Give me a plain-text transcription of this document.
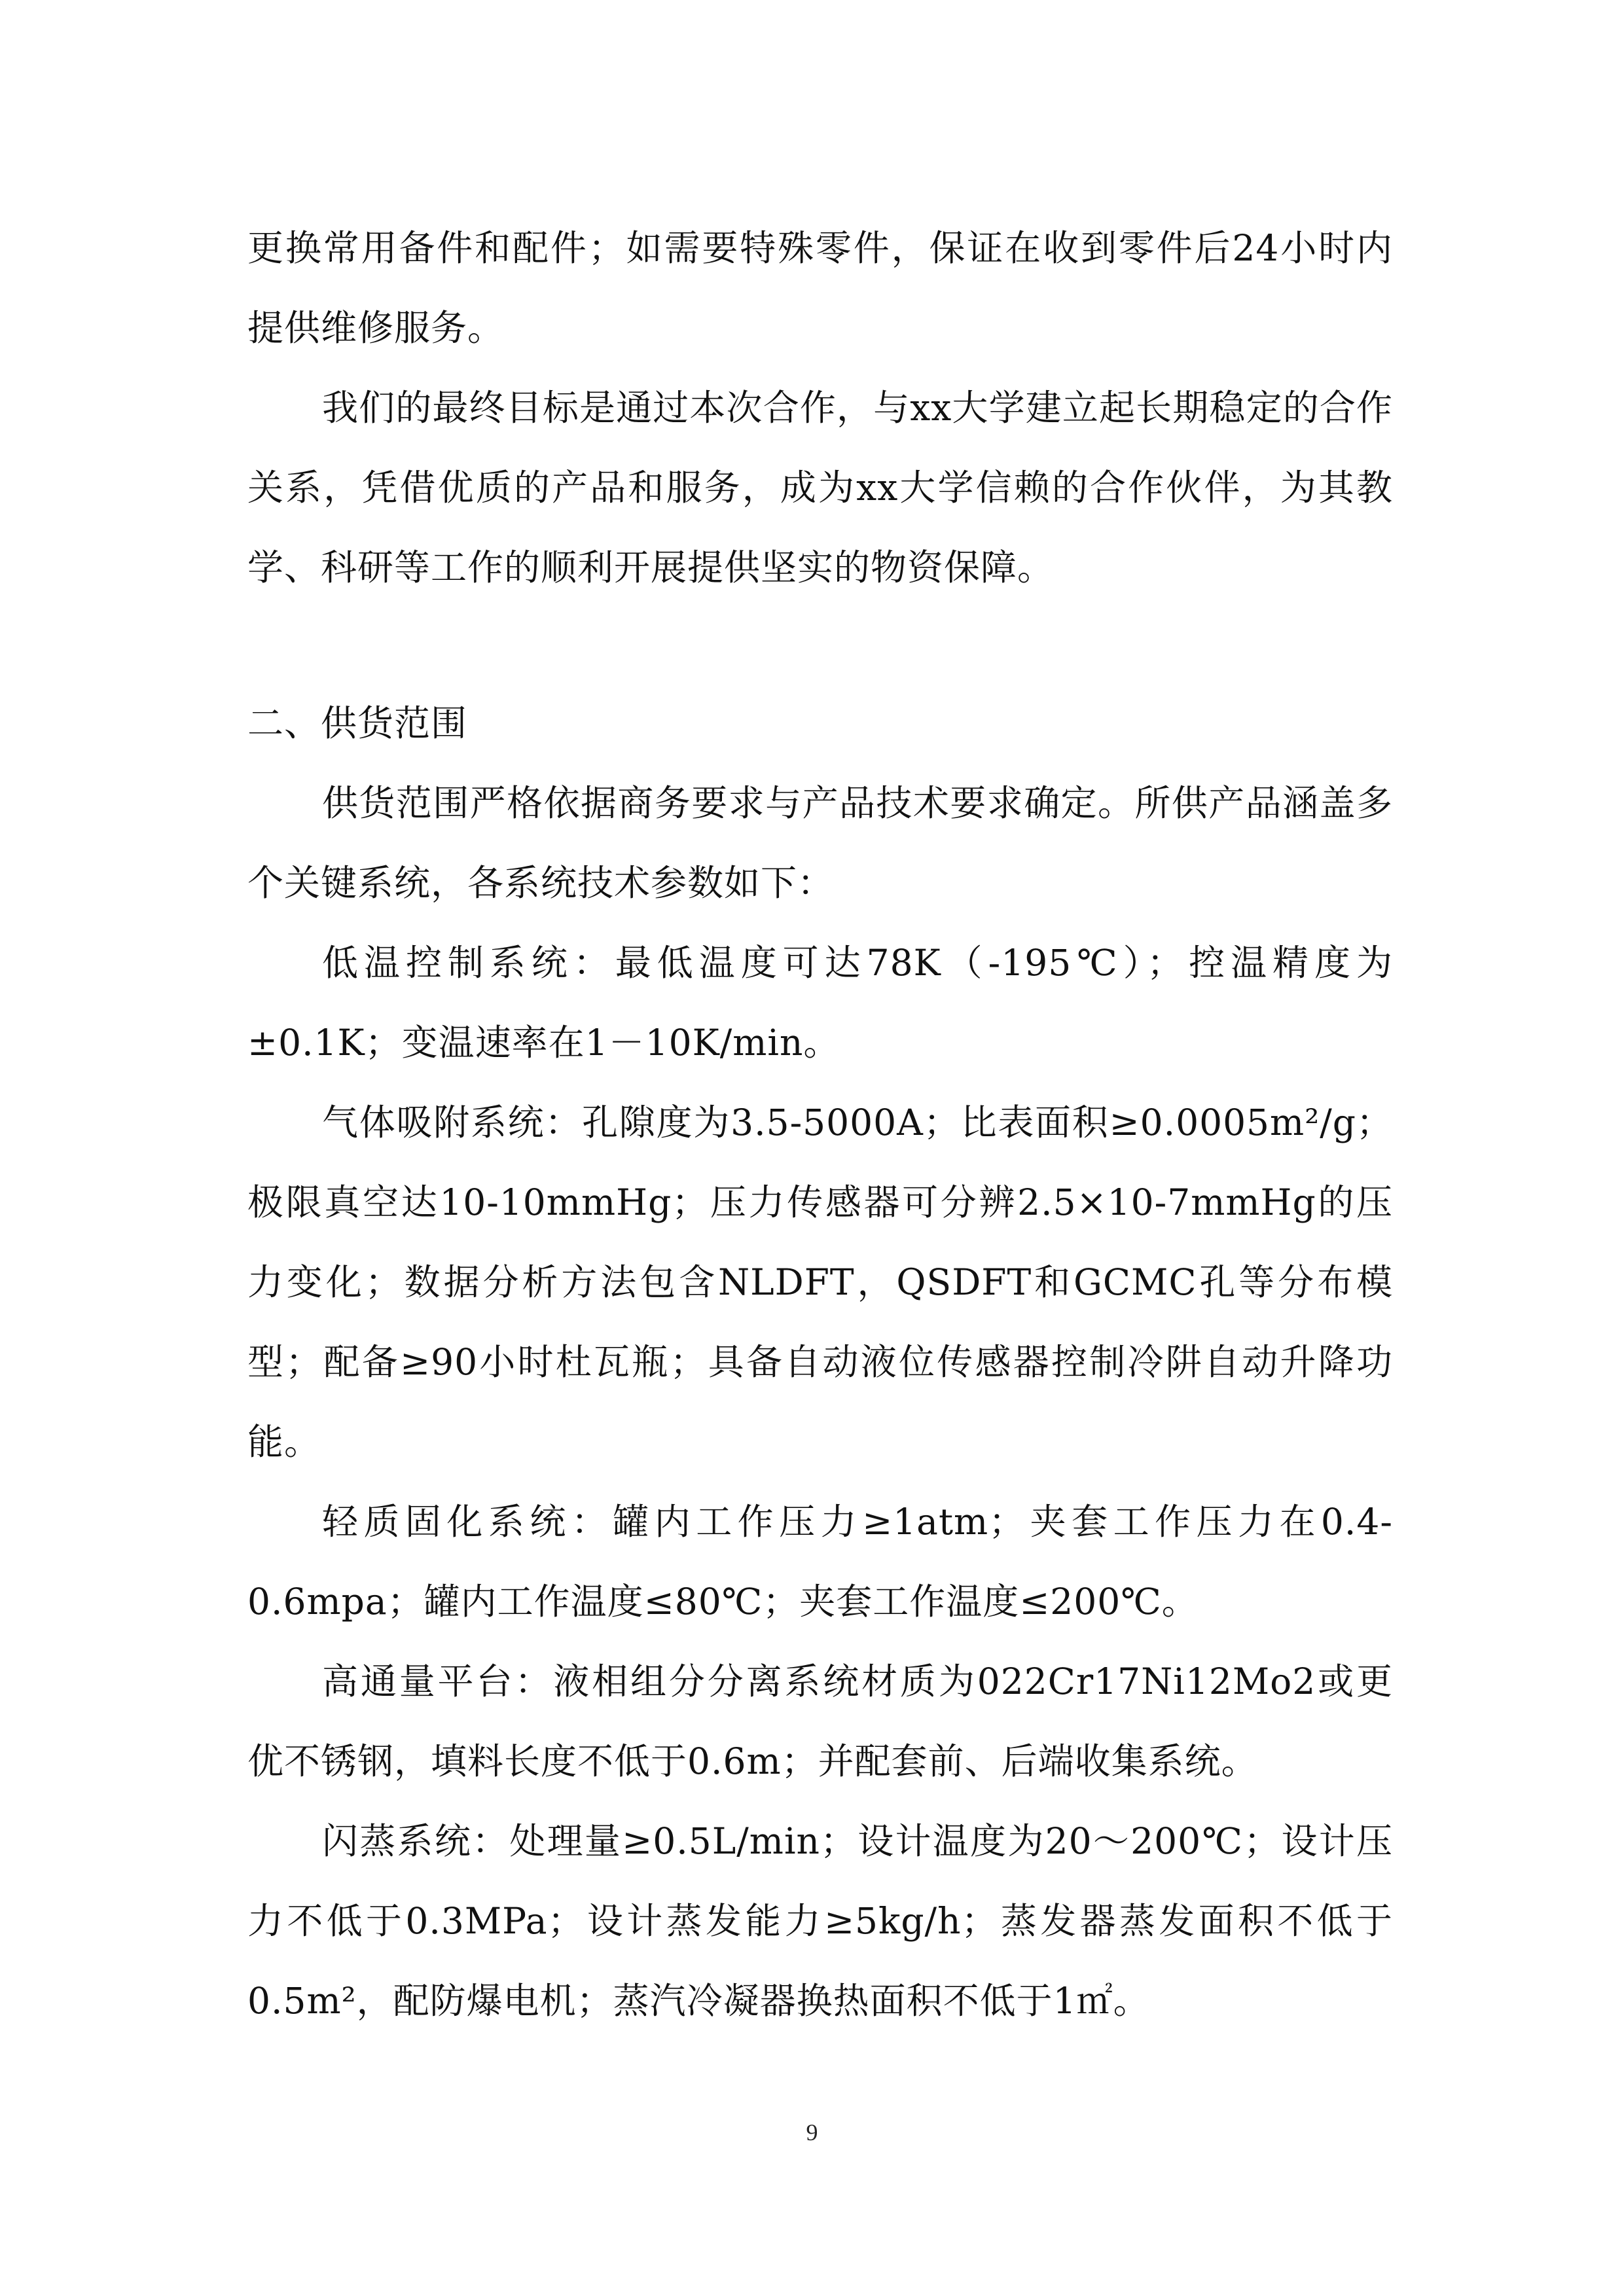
更换常用备件和配件；如需要特殊零件，保证在收到零件后24小时内提供维修服务。

我们的最终目标是通过本次合作，与xx大学建立起长期稳定的合作关系，凭借优质的产品和服务，成为xx大学信赖的合作伙伴，为其教学、科研等工作的顺利开展提供坚实的物资保障。

二、供货范围

供货范围严格依据商务要求与产品技术要求确定。所供产品涵盖多个关键系统，各系统技术参数如下：

低温控制系统：最低温度可达78K（-195℃）；控温精度为±0.1K；变温速率在1－10K/min。

气体吸附系统：孔隙度为3.5-5000A；比表面积≥0.0005m²/g；极限真空达10-10mmHg；压力传感器可分辨2.5×10-7mmHg的压力变化；数据分析方法包含NLDFT，QSDFT和GCMC孔等分布模型；配备≥90小时杜瓦瓶；具备自动液位传感器控制冷阱自动升降功能。

轻质固化系统：罐内工作压力≥1atm；夹套工作压力在0.4-0.6mpa；罐内工作温度≤80℃；夹套工作温度≤200℃。

高通量平台：液相组分分离系统材质为022Cr17Ni12Mo2或更优不锈钢，填料长度不低于0.6m；并配套前、后端收集系统。

闪蒸系统：处理量≥0.5L/min；设计温度为20～200℃；设计压力不低于0.3MPa；设计蒸发能力≥5kg/h；蒸发器蒸发面积不低于0.5m²，配防爆电机；蒸汽冷凝器换热面积不低于1㎡。

9
